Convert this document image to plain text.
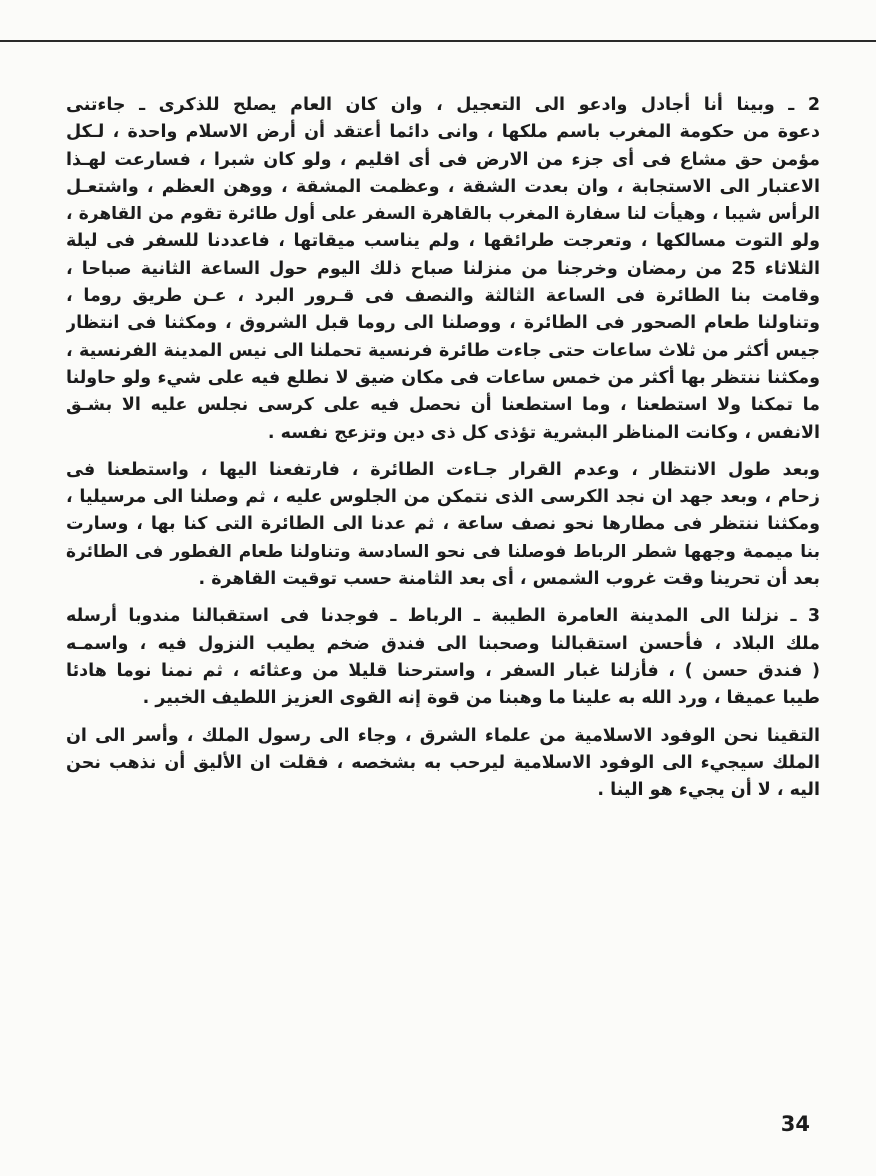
2 ـ وبينا أنا أجادل وادعو الى التعجيل ، وان كان العام يصلح للذكرى ـ جاءتنى
دعوة من حكومة المغرب باسم ملكها ، وانى دائما أعتقد أن أرض الاسلام واحدة ، لـكل
مؤمن حق مشاع فى أى جزء من الارض فى أى اقليم ، ولو كان شبرا ، فسارعت لهـذا
الاعتبار الى الاستجابة ، وان بعدت الشقة ، وعظمت المشقة ، ووهن العظم ، واشتعـل
الرأس شيبا ، وهيأت لنا سفارة المغرب بالقاهرة السفر على أول طائرة تقوم من القاهرة ،
ولو التوت مسالكها ، وتعرجت طرائقها ، ولم يناسب ميقاتها ، فاعددنا للسفر فى ليلة
الثلاثاء 25 من رمضان وخرجنا من منزلنا صباح ذلك اليوم حول الساعة الثانية صباحا ،
وقامت بنا الطائرة فى الساعة الثالثة والنصف فى قـرور البرد ، عـن طريق روما ،
وتناولنا طعام الصحور فى الطائرة ، ووصلنا الى روما قبل الشروق ، ومكثنا فى انتظار
جيس أكثر من ثلاث ساعات حتى جاءت طائرة فرنسية تحملنا الى نيس المدينة الفرنسية ،
ومكثنا ننتظر بها أكثر من خمس ساعات فى مكان ضيق لا نطلع فيه على شيء ولو حاولنا
ما تمكنا ولا استطعنا ، وما استطعنا أن نحصل فيه على كرسى نجلس عليه الا بشـق
الانفس ، وكانت المناظر البشرية تؤذى كل ذى دين وتزعج نفسه .

وبعد طول الانتظار ، وعدم القرار جـاءت الطائرة ، فارتفعنا اليها ، واستطعنا فى
زحام ، وبعد جهد ان نجد الكرسى الذى نتمكن من الجلوس عليه ، ثم وصلنا الى مرسيليا ،
ومكثنا ننتظر فى مطارها نحو نصف ساعة ، ثم عدنا الى الطائرة التى كنا بها ، وسارت
بنا ميممة وجهها شطر الرباط فوصلنا فى نحو السادسة وتناولنا طعام الفطور فى الطائرة
بعد أن تحرينا وقت غروب الشمس ، أى بعد الثامنة حسب توقيت القاهرة .

3 ـ نزلنا الى المدينة العامرة الطيبة ـ الرباط ـ فوجدنا فى استقبالنا مندوبا أرسله
ملك البلاد ، فأحسن استقبالنا وصحبنا الى فندق ضخم يطيب النزول فيه ، واسمـه
( فندق حسن ) ، فأزلنا غبار السفر ، واسترحنا قليلا من وعثائه ، ثم نمنا نوما هادئا
طيبا عميقا ، ورد الله به علينا ما وهبنا من قوة إنه القوى العزيز اللطيف الخبير .

التقينا نحن الوفود الاسلامية من علماء الشرق ، وجاء الى رسول الملك ، وأسر الى ان
الملك سيجيء الى الوفود الاسلامية ليرحب به بشخصه ، فقلت ان الأليق أن نذهب نحن
اليه ، لا أن يجيء هو الينا .

34
